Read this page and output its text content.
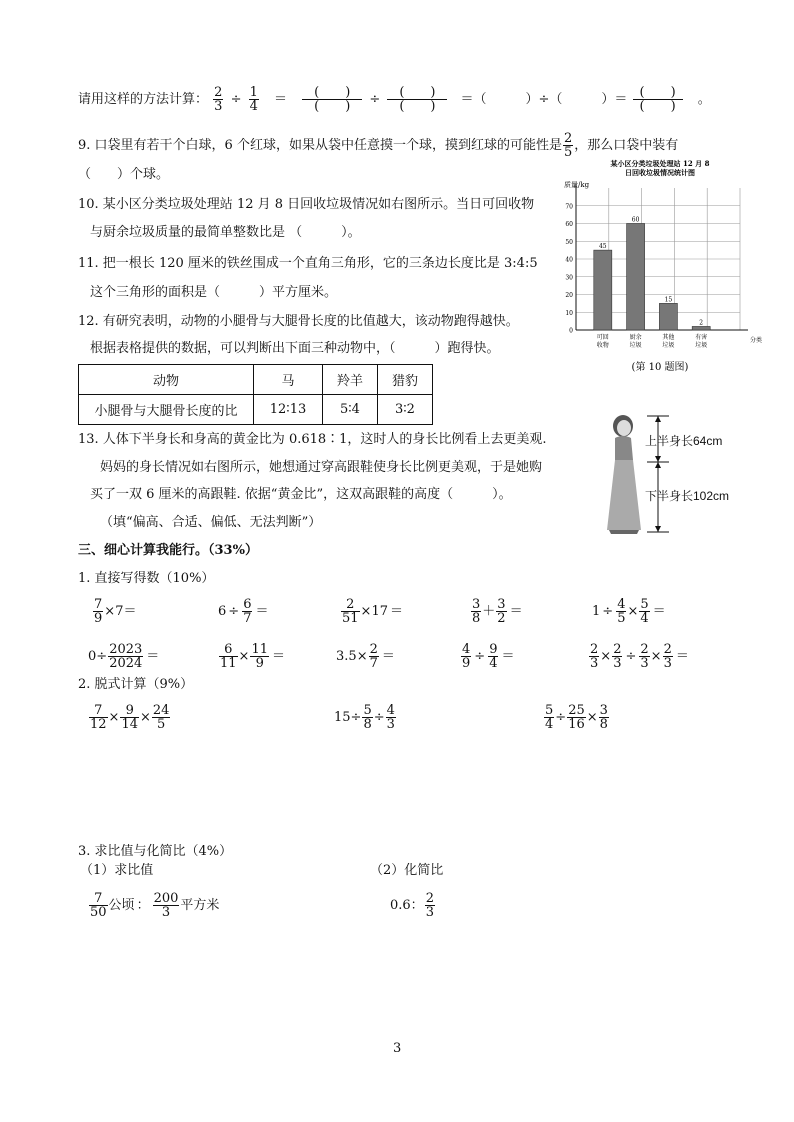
请用这样的方法计算： $\frac{2}{3} \div \frac{1}{4} = \frac{( )}{( )} \div \frac{( )}{( )}$ ＝（　　　）÷（　　　）＝ $\frac{( )}{( )}$ 。
9. 口袋里有若干个白球，6 个红球，如果从袋中任意摸一个球，摸到红球的可能性是 $\frac{2}{5}$ ，那么口袋中装有
（　　）个球。
10. 某小区分类垃圾处理站 12 月 8 日回收垃圾情况如右图所示。当日可回收物
与厨余垃圾质量的最简单整数比是 （　　　）。
11. 把一根长 120 厘米的铁丝围成一个直角三角形，它的三条边长度比是 3:4:5
这个三角形的面积是（　　　）平方厘米。
12. 有研究表明，动物的小腿骨与大腿骨长度的比值越大，该动物跑得越快。
根据表格提供的数据，可以判断出下面三种动物中，（　　　）跑得快。
动物	马	羚羊	猎豹
小腿骨与大腿骨长度的比	12∶13	5∶4	3∶2
13. 人体下半身长和身高的黄金比为 0.618∶1，这时人的身长比例看上去更美观.
妈妈的身长情况如右图所示，她想通过穿高跟鞋使身长比例更美观，于是她购
买了一双 6 厘米的高跟鞋. 依据“黄金比”，这双高跟鞋的高度（　　　）。
（填“偏高、合适、偏低、无法判断”）
上半身长64cm
下半身长102cm
某小区分类垃圾处理站 12 月 8
日回收垃圾情况统计图
质量/kg
0
10
20
30
40
50
60
70
分类
45
可回
收物
60
厨余
垃圾
15
其他
垃圾
2
有害
垃圾
(第 10 题图)
三、细心计算我能行。（33%）
1. 直接写得数（10%）
$\frac{7}{9} \times 7=$	$6 \div \frac{6}{7}$ ＝	$\frac{2}{51} \times 17$ ＝	$\frac{3}{8} + \frac{3}{2}$ ＝	$1 \div \frac{4}{5} \times \frac{5}{4}$ ＝
$0\div \frac{2023}{2024}$ ＝	$\frac{6}{11} \times \frac{11}{9}$ ＝	$3.5\times \frac{2}{7}$ ＝	$\frac{4}{9} \div \frac{9}{4}$ ＝	$\frac{2}{3} \times \frac{2}{3} \div \frac{2}{3} \times \frac{2}{3}$ ＝
2. 脱式计算（9%）
$\frac{7}{12} \times \frac{9}{14} \times \frac{24}{5}$	$15\div \frac{5}{8} \div \frac{4}{3}$	$\frac{5}{4} \div \frac{25}{16} \times \frac{3}{8}$
3. 求比值与化简比（4%）
（1）求比值	（2）化简比
$\frac{7}{50}$ 公顷 ： $\frac{200}{3}$ 平方米	0.6： $\frac{2}{3}$
3
